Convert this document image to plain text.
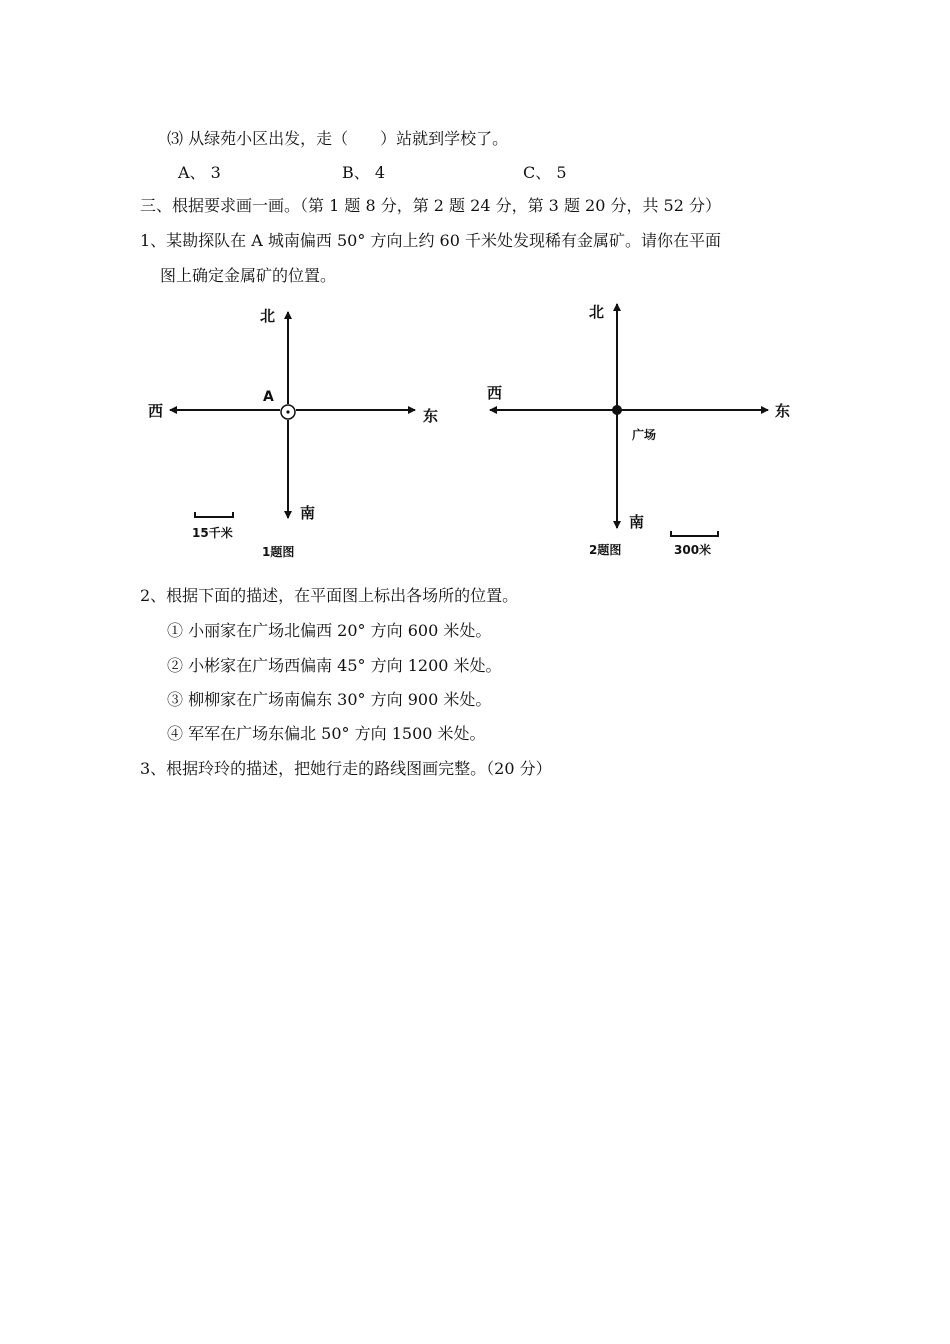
⑶ 从绿苑小区出发，走（　　）站就到学校了。
A、 3	B、 4	C、 5
三、根据要求画一画。（第 1 题 8 分，第 2 题 24 分，第 3 题 20 分，共 52 分）
1、某勘探队在 A 城南偏西 50° 方向上约 60 千米处发现稀有金属矿。请你在平面
图上确定金属矿的位置。
北
南
西	东
A
15千米
1题图
北
南
西
东
广场
300米
2题图
2、根据下面的描述，在平面图上标出各场所的位置。
① 小丽家在广场北偏西 20° 方向 600 米处。
② 小彬家在广场西偏南 45° 方向 1200 米处。
③ 柳柳家在广场南偏东 30° 方向 900 米处。
④ 军军在广场东偏北 50° 方向 1500 米处。
3、根据玲玲的描述，把她行走的路线图画完整。（20 分）
